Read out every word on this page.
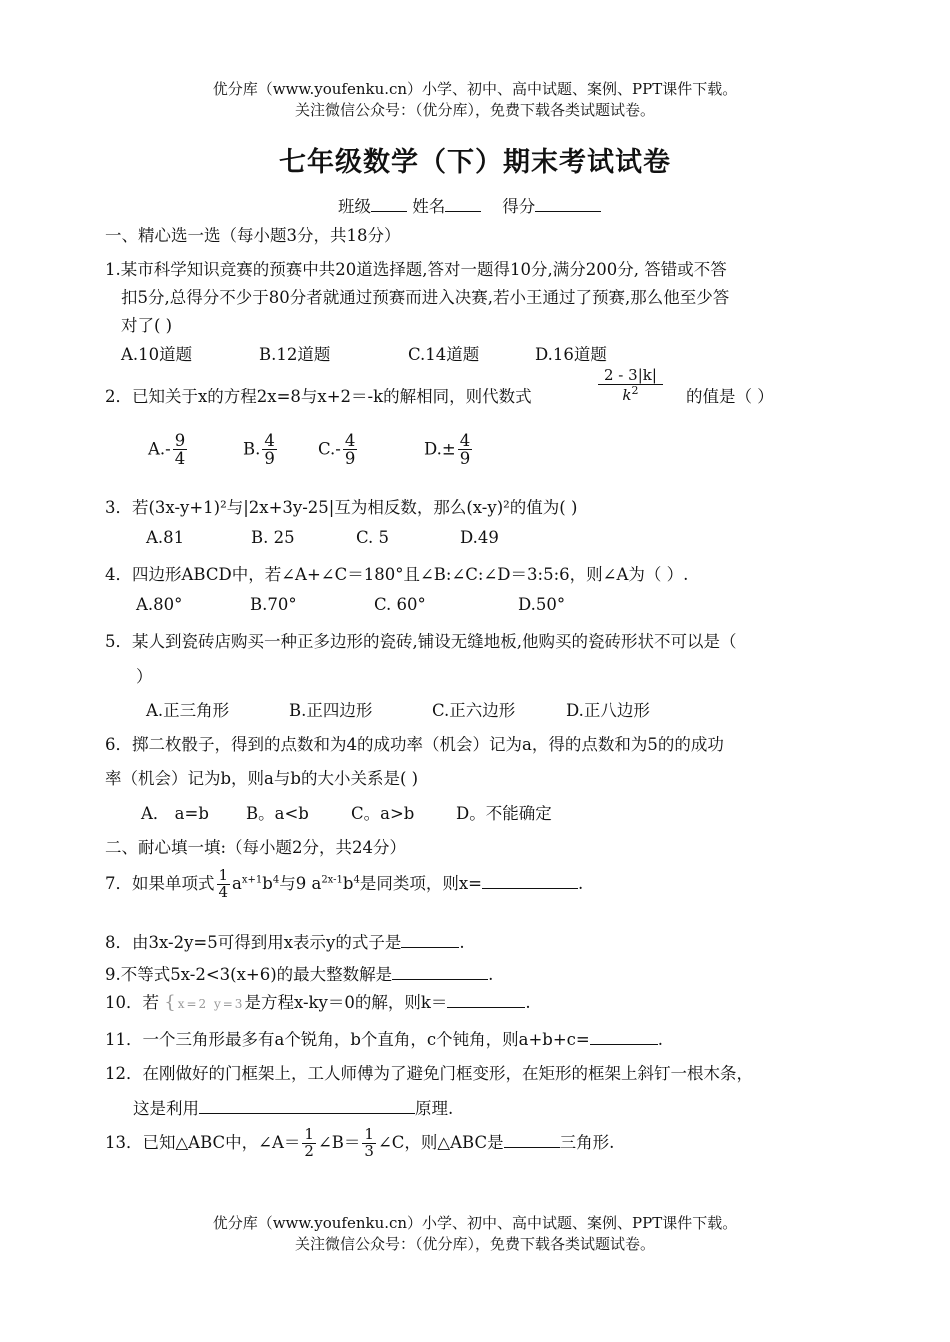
优分库（www.youfenku.cn）小学、初中、高中试题、案例、PPT课件下载。
关注微信公众号：（优分库），免费下载各类试题试卷。
七年级数学（下）期末考试试卷
班级	姓名	得分
一、精心选一选（每小题3分，共18分）
1.某市科学知识竞赛的预赛中共20道选择题,答对一题得10分,满分200分, 答错或不答
扣5分,总得分不少于80分者就通过预赛而进入决赛,若小王通过了预赛,那么他至少答
对了( )
A.10道题	B.12道题	C.14道题	D.16道题
2．已知关于x的方程2x=8与x+2＝-k的解相同，则代数式	$\frac{2 - 3|k|}{k^2}$ 的值是（ ）
$A.- \frac{9}{4}$	B. $\frac{4}{9} C.- \frac{4}{9}$	$D.\pm \frac{4}{9}$
3．若(3x-y+1)²与|2x+3y-25|互为相反数，那么(x-y)²的值为( )
A.81	B. 25	C. 5	D.49
4．四边形ABCD中，若∠A+∠C＝180°且∠B:∠C:∠D＝3:5:6，则∠A为（ ）.
A.80°	B.70°	C. 60°	D.50°
5．某人到瓷砖店购买一种正多边形的瓷砖,铺设无缝地板,他购买的瓷砖形状不可以是（
）
A.正三角形	B.正四边形	C.正六边形	D.正八边形
6．掷二枚骰子，得到的点数和为4的成功率（机会）记为a，得的点数和为5的的成功
率（机会）记为b，则a与b的大小关系是( )
A． a=b B。a<b	C。a>b	D。不能确定
二、耐心填一填:（每小题2分，共24分）
7．如果单项式 $\frac{1}{4} a^{x+1}b^4$与9 $a^{2x-1}b^4$是同类项，则x=	.
8．由3x-2y=5可得到用x表示y的式子是	.
9.不等式5x-2<3(x+6)的最大整数解是	.
10．若 {x=2 y=3是方程x-ky＝0的解，则k＝	.
11．一个三角形最多有a个锐角，b个直角，c个钝角，则a+b+c=	.
12．在刚做好的门框架上，工人师傅为了避免门框变形，在矩形的框架上斜钉一根木条，
这是利用	原理.
13．已知△ABC中，∠A＝ $\frac{1}{2}$ ∠B＝ $\frac{1}{3}$ ∠C，则△ABC是	三角形.
优分库（www.youfenku.cn）小学、初中、高中试题、案例、PPT课件下载。
关注微信公众号：（优分库），免费下载各类试题试卷。
